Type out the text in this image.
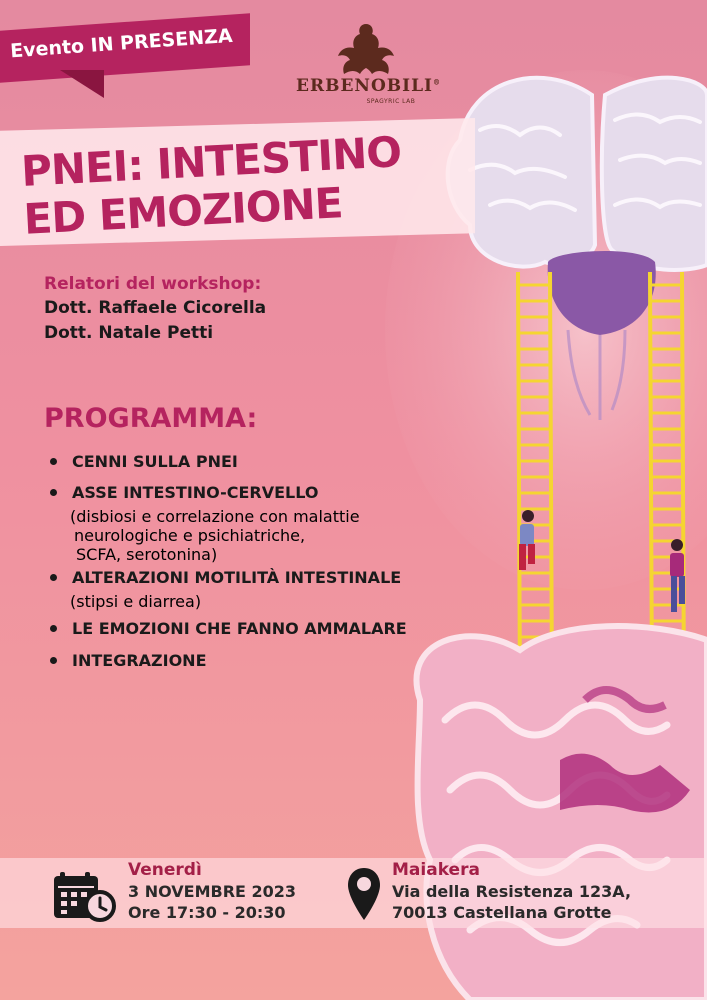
Evento IN PRESENZA
ERBENOBILI®
SPAGYRIC LAB
PNEI: INTESTINO
ED EMOZIONE
Relatori del workshop:
Dott. Raffaele Cicorella
Dott. Natale Petti
PROGRAMMA:
CENNI SULLA PNEI
ASSE INTESTINO-CERVELLO
(disbiosi e correlazione con malattie
neurologiche e psichiatriche,
SCFA, serotonina)
ALTERAZIONI MOTILITÀ INTESTINALE
(stipsi e diarrea)
LE EMOZIONI CHE FANNO AMMALARE
INTEGRAZIONE
Venerdì
3 NOVEMBRE 2023
Ore 17:30 - 20:30
Maiakera
Via della Resistenza 123A,
70013 Castellana Grotte
